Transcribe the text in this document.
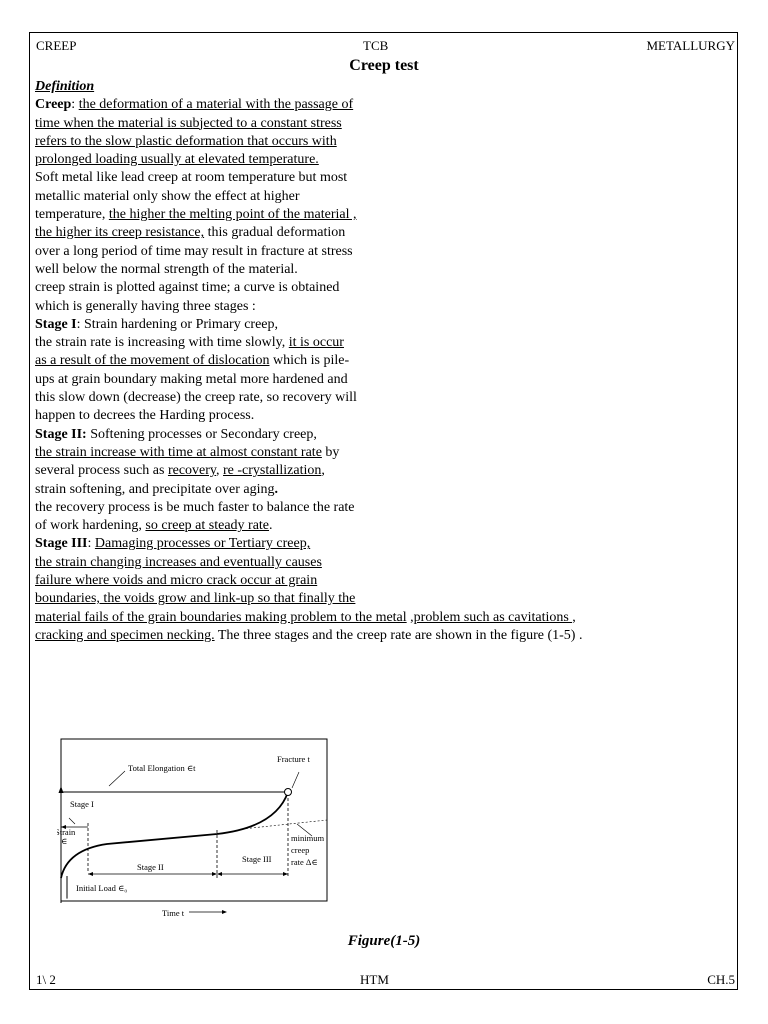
CREEP	TCB	METALLURGY
Creep test
Definition
Creep: the deformation of a material with the passage of
time when the material is subjected to a constant stress
refers to the slow plastic deformation that occurs with
prolonged loading usually at elevated temperature.
Soft metal like lead creep at room temperature but most
metallic material only show the effect at higher
temperature, the higher the melting point of the material ,
the higher its creep resistance, this gradual deformation
over a long period of time may result in fracture at stress
well below the normal strength of the material.
creep strain is plotted against time; a curve is obtained
which is generally having three stages :
Stage I: Strain hardening or Primary creep,
the strain rate is increasing with time slowly, it is occur
as a result of the movement of dislocation which is pile-
ups at grain boundary making metal more hardened and
this slow down (decrease) the creep rate, so recovery will
happen to decrees the Harding process.
Stage II: Softening processes or Secondary creep,
the strain increase with time at almost constant rate by
several process such as recovery, re -crystallization,
strain softening, and precipitate over aging.
the recovery process is be much faster to balance the rate
of work hardening, so creep at steady rate.
Stage III: Damaging processes or Tertiary creep,
the strain changing increases and eventually causes
failure where voids and micro crack occur at grain
boundaries, the voids grow and link-up so that finally the
material fails of the grain boundaries making problem to the metal ,problem such as cavitations ,
cracking and specimen necking. The three stages and the creep rate are shown in the figure (1-5) .
Total Elongation ∈t
Fracture t
Stage I
Strain
∈
Stage II
Stage III
minimum
creep
rate Δ∈
Initial Load ∈₀
Time t
Figure(1-5)
1\ 2	HTM	CH.5
